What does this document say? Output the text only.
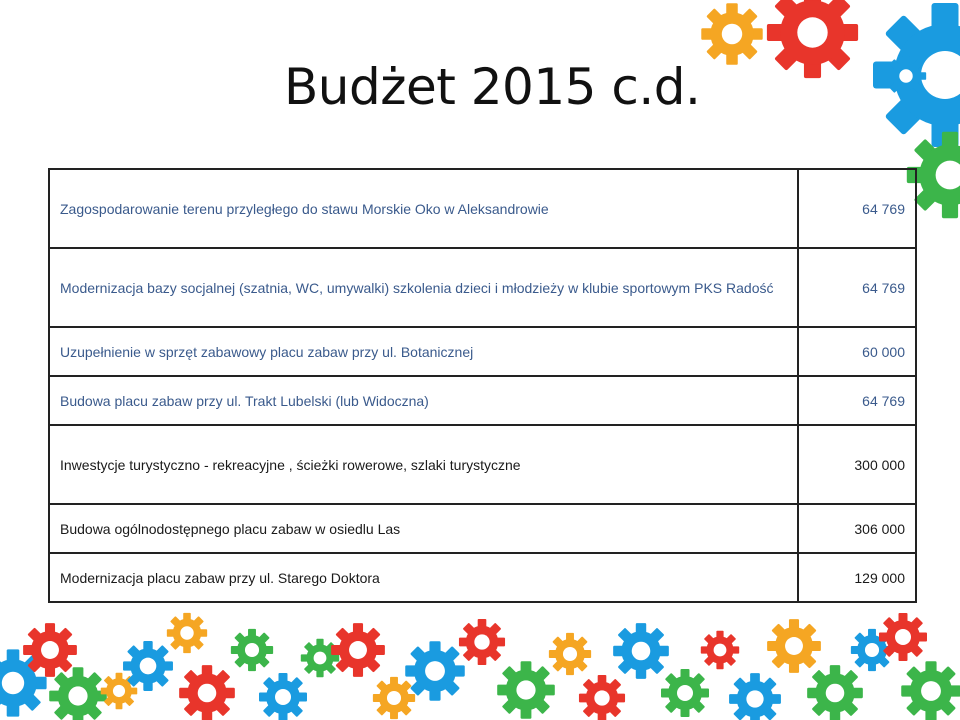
Budżet 2015 c.d.
Zagospodarowanie terenu przyległego do stawu Morskie Oko w Aleksandrowie	64 769
Modernizacja bazy socjalnej (szatnia, WC, umywalki) szkolenia dzieci i młodzieży w klubie sportowym PKS Radość	64 769
Uzupełnienie w sprzęt zabawowy placu zabaw przy ul. Botanicznej	60 000
Budowa placu zabaw przy ul. Trakt Lubelski (lub Widoczna)	64 769
Inwestycje turystyczno - rekreacyjne , ścieżki rowerowe, szlaki turystyczne	300 000
Budowa ogólnodostępnego placu zabaw w osiedlu Las	306 000
Modernizacja placu zabaw przy ul. Starego Doktora	129 000
